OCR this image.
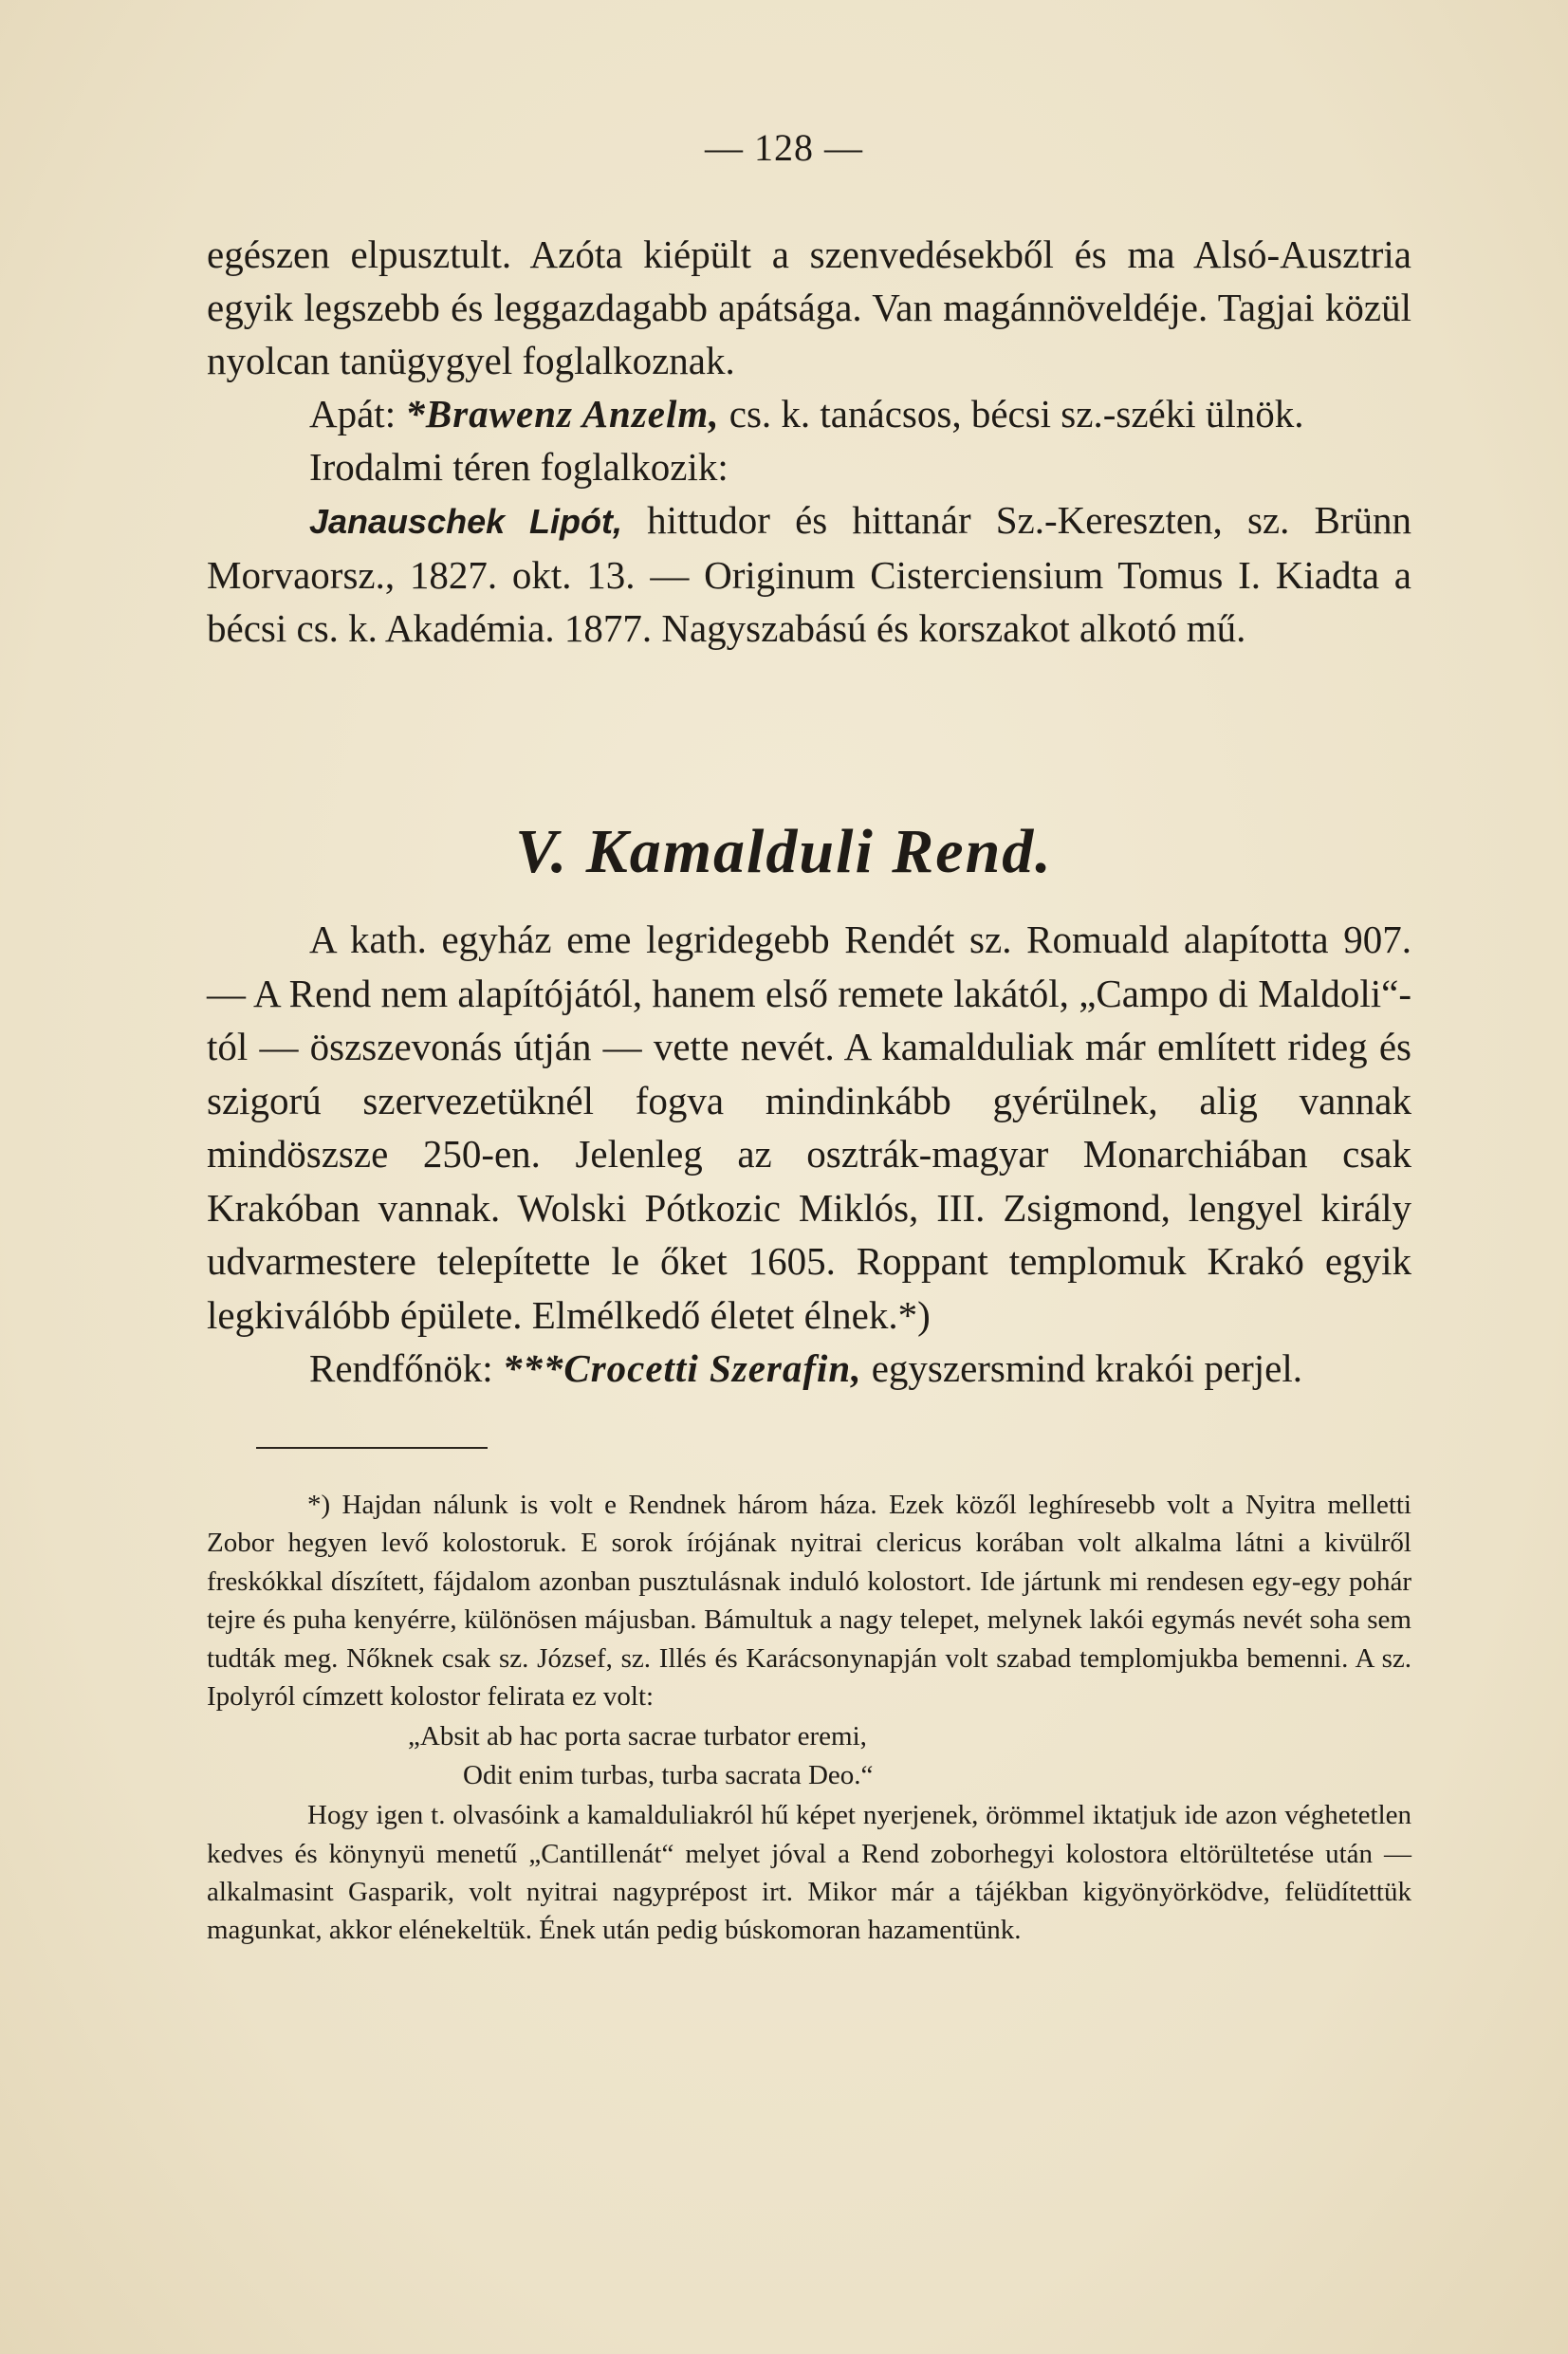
— 128 —

egészen elpusztult. Azóta kiépült a szenvedésekből és ma Alsó-Ausztria egyik legszebb és leggazdagabb apátsága. Van magánnöveldéje. Tagjai közül nyolcan tanügygyel foglalkoznak.

Apát: *Brawenz Anzelm, cs. k. tanácsos, bécsi sz.-széki ülnök.

Irodalmi téren foglalkozik:

Janauschek Lipót, hittudor és hittanár Sz.-Kereszten, sz. Brünn Morvaorsz., 1827. okt. 13. — Originum Cisterciensium Tomus I. Kiadta a bécsi cs. k. Akadémia. 1877. Nagyszabású és korszakot alkotó mű.

V. Kamalduli Rend.

A kath. egyház eme legridegebb Rendét sz. Romuald alapította 907. — A Rend nem alapítójától, hanem első remete lakától, „Campo di Maldoli“-tól — öszszevonás útján — vette nevét. A kamalduliak már említett rideg és szigorú szervezetüknél fogva mindinkább gyérülnek, alig vannak mindöszsze 250-en. Jelenleg az osztrák-magyar Monarchiában csak Krakóban vannak. Wolski Pótkozic Miklós, III. Zsigmond, lengyel király udvarmestere telepítette le őket 1605. Roppant templomuk Krakó egyik legkiválóbb épülete. Elmélkedő életet élnek.*)

Rendfőnök: ***Crocetti Szerafin, egyszersmind krakói perjel.

*) Hajdan nálunk is volt e Rendnek három háza. Ezek közől leghíresebb volt a Nyitra melletti Zobor hegyen levő kolostoruk. E sorok írójának nyitrai clericus korában volt alkalma látni a kivülről freskókkal díszített, fájdalom azonban pusztulásnak induló kolostort. Ide jártunk mi rendesen egy-egy pohár tejre és puha kenyérre, különösen májusban. Bámultuk a nagy telepet, melynek lakói egymás nevét soha sem tudták meg. Nőknek csak sz. József, sz. Illés és Karácsonynapján volt szabad templomjukba bemenni. A sz. Ipolyról címzett kolostor felirata ez volt:

„Absit ab hac porta sacrae turbator eremi,
Odit enim turbas, turba sacrata Deo.“

Hogy igen t. olvasóink a kamalduliakról hű képet nyerjenek, örömmel iktatjuk ide azon véghetetlen kedves és könynyü menetű „Cantillenát“ melyet jóval a Rend zoborhegyi kolostora eltörültetése után — alkalmasint Gasparik, volt nyitrai nagyprépost irt. Mikor már a tájékban kigyönyörködve, felüdítettük magunkat, akkor elénekeltük. Ének után pedig búskomoran hazamentünk.
